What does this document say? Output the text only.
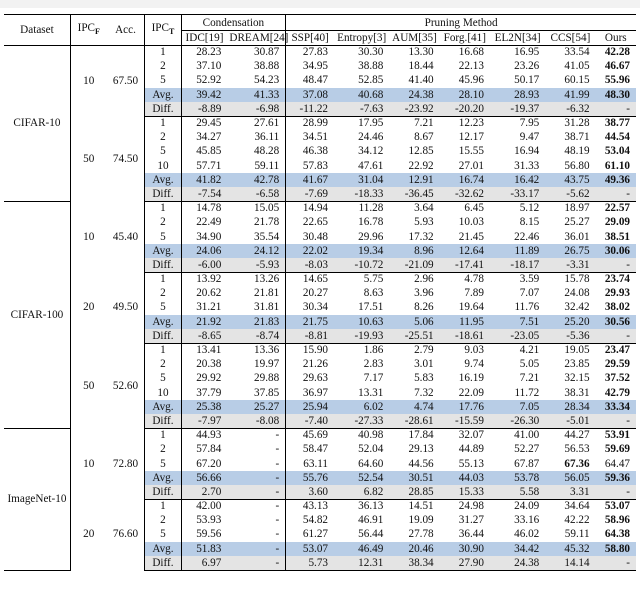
Dataset	$IPC_F$	Acc.	$IPC_T$	Condensation		Pruning Method						
				IDC[19]	DREAM[24]	SSP[40]	Entropy[3]	AUM[35]	Forg.[41]	EL2N[34]	CCS[54]	Ours
CIFAR-10	10	67.50	1	28.23	30.87	27.83	30.30	13.30	16.68	16.95	33.54	42.28
			2	37.10	38.88	34.95	38.88	18.44	22.13	23.26	41.05	46.67
			5	52.92	54.23	48.47	52.85	41.40	45.96	50.17	60.15	55.96
			Avg.	39.42	41.33	37.08	40.68	24.38	28.10	28.93	41.99	48.30
			Diff.	-8.89	-6.98	-11.22	-7.63	-23.92	-20.20	-19.37	-6.32	-
	50	74.50	1	29.45	27.61	28.99	17.95	7.21	12.23	7.95	31.28	38.77
			2	34.27	36.11	34.51	24.46	8.67	12.17	9.47	38.71	44.54
			5	45.85	48.28	46.38	34.12	12.85	15.55	16.94	48.19	53.04
			10	57.71	59.11	57.83	47.61	22.92	27.01	31.33	56.80	61.10
			Avg.	41.82	42.78	41.67	31.04	12.91	16.74	16.42	43.75	49.36
			Diff.	-7.54	-6.58	-7.69	-18.33	-36.45	-32.62	-33.17	-5.62	-
CIFAR-100	10	45.40	1	14.78	15.05	14.94	11.28	3.64	6.45	5.12	18.97	22.57
			2	22.49	21.78	22.65	16.78	5.93	10.03	8.15	25.27	29.09
			5	34.90	35.54	30.48	29.96	17.32	21.45	22.46	36.01	38.51
			Avg.	24.06	24.12	22.02	19.34	8.96	12.64	11.89	26.75	30.06
			Diff.	-6.00	-5.93	-8.03	-10.72	-21.09	-17.41	-18.17	-3.31	-
	20	49.50	1	13.92	13.26	14.65	5.75	2.96	4.78	3.59	15.78	23.74
			2	20.62	21.81	20.27	8.63	3.96	7.89	7.07	24.08	29.93
			5	31.21	31.81	30.34	17.51	8.26	19.64	11.76	32.42	38.02
			Avg.	21.92	21.83	21.75	10.63	5.06	11.95	7.51	25.20	30.56
			Diff.	-8.65	-8.74	-8.81	-19.93	-25.51	-18.61	-23.05	-5.36	-
	50	52.60	1	13.41	13.36	15.90	1.86	2.79	9.03	4.21	19.05	23.47
			2	20.38	19.97	21.26	2.83	3.01	9.74	5.05	23.85	29.59
			5	29.92	29.88	29.63	7.17	5.83	16.19	7.21	32.15	37.52
			10	37.79	37.85	36.97	13.31	7.32	22.09	11.72	38.31	42.79
			Avg.	25.38	25.27	25.94	6.02	4.74	17.76	7.05	28.34	33.34
			Diff.	-7.97	-8.08	-7.40	-27.33	-28.61	-15.59	-26.30	-5.01	-
ImageNet-10	10	72.80	1	44.93	-	45.69	40.98	17.84	32.07	41.00	44.27	53.91
			2	57.84	-	58.47	52.04	29.13	44.89	52.27	56.53	59.69
			5	67.20	-	63.11	64.60	44.56	55.13	67.87	67.36	64.47
			Avg.	56.66	-	55.76	52.54	30.51	44.03	53.78	56.05	59.36
			Diff.	2.70	-	3.60	6.82	28.85	15.33	5.58	3.31	-
	20	76.60	1	42.00	-	43.13	36.13	14.51	24.98	24.09	34.64	53.07
			2	53.93	-	54.82	46.91	19.09	31.27	33.16	42.22	58.96
			5	59.56	-	61.27	56.44	27.78	36.44	46.02	59.11	64.38
			Avg.	51.83	-	53.07	46.49	20.46	30.90	34.42	45.32	58.80
			Diff.	6.97	-	5.73	12.31	38.34	27.90	24.38	14.14	-
